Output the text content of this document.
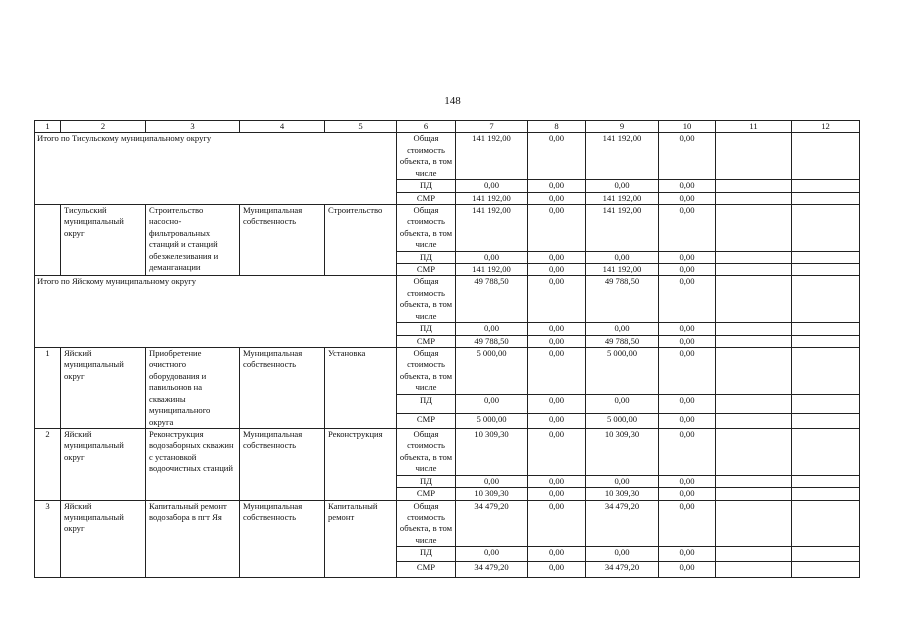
148
1	2	3	4	5	6	7	8	9	10	11	12
Итого по Тисульскому муниципальному округу					Общая стоимость объекта, в том числе	141 192,00	0,00	141 192,00	0,00		
					ПД	0,00	0,00	0,00	0,00		
					СМР	141 192,00	0,00	141 192,00	0,00		
	Тисульский муниципальный округ	Строительство насосно-фильтровальных станций и станций обезжелезивания и деманганации	Муниципальная собственность	Строительство	Общая стоимость объекта, в том числе	141 192,00	0,00	141 192,00	0,00		
					ПД	0,00	0,00	0,00	0,00		
					СМР	141 192,00	0,00	141 192,00	0,00		
Итого по Яйскому муниципальному округу					Общая стоимость объекта, в том числе	49 788,50	0,00	49 788,50	0,00		
					ПД	0,00	0,00	0,00	0,00		
					СМР	49 788,50	0,00	49 788,50	0,00		
1	Яйский муниципальный округ	Приобретение очистного оборудования и павильонов на скважины муниципального округа	Муниципальная собственность	Установка	Общая стоимость объекта, в том числе	5 000,00	0,00	5 000,00	0,00		
					ПД	0,00	0,00	0,00	0,00		
					СМР	5 000,00	0,00	5 000,00	0,00		
2	Яйский муниципальный округ	Реконструкция водозаборных скважин с установкой водоочистных станций	Муниципальная собственность	Реконструкция	Общая стоимость объекта, в том числе	10 309,30	0,00	10 309,30	0,00		
					ПД	0,00	0,00	0,00	0,00		
					СМР	10 309,30	0,00	10 309,30	0,00		
3	Яйский муниципальный округ	Капитальный ремонт водозабора в пгт Яя	Муниципальная собственность	Капитальный ремонт	Общая стоимость объекта, в том числе	34 479,20	0,00	34 479,20	0,00		
					ПД	0,00	0,00	0,00	0,00		
					СМР	34 479,20	0,00	34 479,20	0,00		
